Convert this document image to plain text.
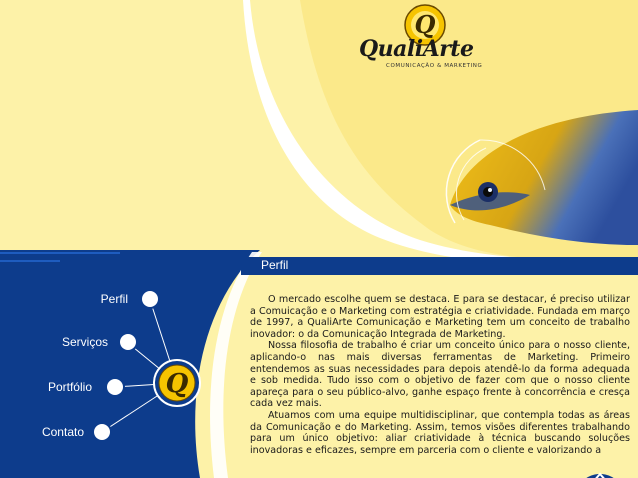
Q
QualiArte
COMUNICAÇÃO & MARKETING
Perfil
Serviços
Portfólio
Contato
Q
Perfil

O mercado escolhe quem se destaca. E para se destacar, é preciso utilizar a Comuicação e o Marketing com estratégia e criatividade. Fundada em março de 1997, a QualiArte Comunicação e Marketing tem um conceito de trabalho inovador: o da Comunicação Integrada de Marketing.

Nossa filosofia de trabalho é criar um conceito único para o nosso cliente, aplicando-o nas mais diversas ferramentas de Marketing. Primeiro entendemos as suas necessidades para depois atendê-lo da forma adequada e sob medida. Tudo isso com o objetivo de fazer com que o nosso cliente apareça para o seu público-alvo, ganhe espaço frente à concorrência e cresça cada vez mais.

Atuamos com uma equipe multidisciplinar, que contempla todas as áreas da Comunicação e do Marketing. Assim, temos visões diferentes trabalhando para um único objetivo: aliar criatividade à técnica buscando soluções inovadoras e eficazes, sempre em parceria com o cliente e valorizando a
